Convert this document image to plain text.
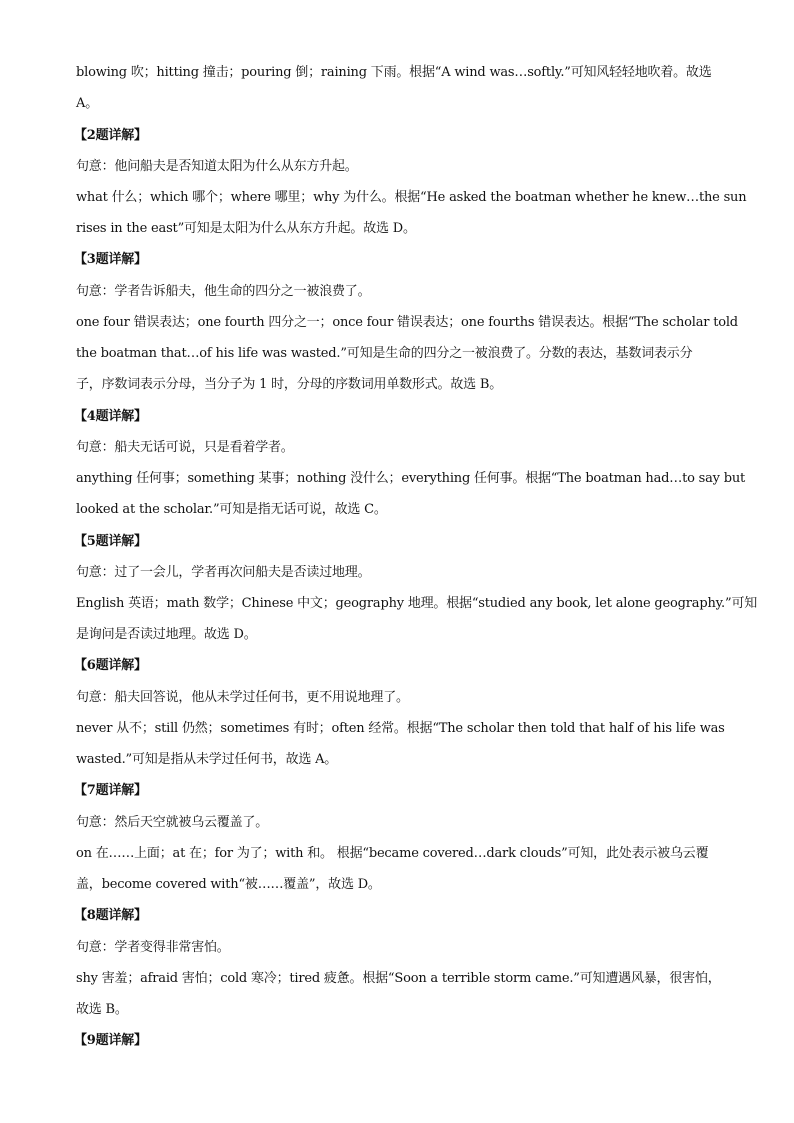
blowing 吹；hitting 撞击；pouring 倒；raining 下雨。根据“A wind was…softly.”可知风轻轻地吹着。故选
A。
【2题详解】
句意：他问船夫是否知道太阳为什么从东方升起。
what 什么；which 哪个；where 哪里；why 为什么。根据“He asked the boatman whether he knew…the sun
rises in the east”可知是太阳为什么从东方升起。故选 D。
【3题详解】
句意：学者告诉船夫，他生命的四分之一被浪费了。
one four 错误表达；one fourth 四分之一；once four 错误表达；one fourths 错误表达。根据“The scholar told
the boatman that…of his life was wasted.”可知是生命的四分之一被浪费了。分数的表达，基数词表示分
子，序数词表示分母，当分子为 1 时，分母的序数词用单数形式。故选 B。
【4题详解】
句意：船夫无话可说，只是看着学者。
anything 任何事；something 某事；nothing 没什么；everything 任何事。根据“The boatman had…to say but
looked at the scholar.”可知是指无话可说，故选 C。
【5题详解】
句意：过了一会儿，学者再次问船夫是否读过地理。
English 英语；math 数学；Chinese 中文；geography 地理。根据“studied any book, let alone geography.”可知
是询问是否读过地理。故选 D。
【6题详解】
句意：船夫回答说，他从未学过任何书，更不用说地理了。
never 从不；still 仍然；sometimes 有时；often 经常。根据“The scholar then told that half of his life was
wasted.”可知是指从未学过任何书，故选 A。
【7题详解】
句意：然后天空就被乌云覆盖了。
on 在……上面；at 在；for 为了；with 和。 根据“became covered…dark clouds”可知，此处表示被乌云覆
盖，become covered with“被……覆盖”，故选 D。
【8题详解】
句意：学者变得非常害怕。
shy 害羞；afraid 害怕；cold 寒冷；tired 疲惫。根据“Soon a terrible storm came.”可知遭遇风暴，很害怕，
故选 B。
【9题详解】
